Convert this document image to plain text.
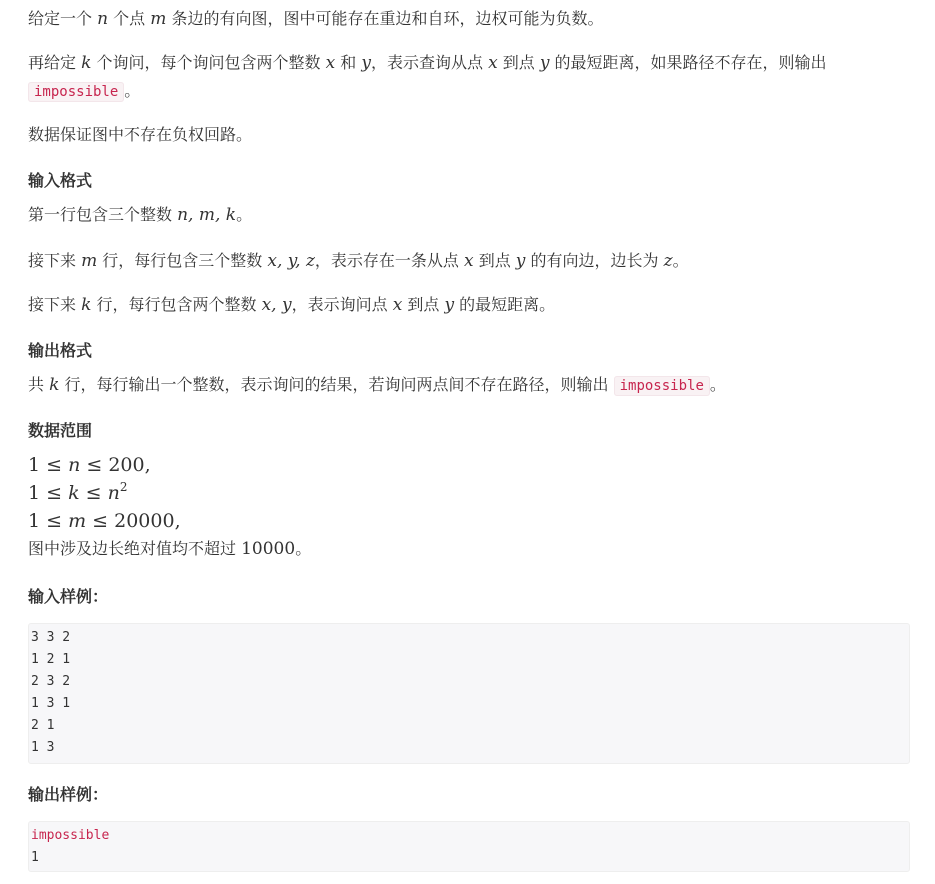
给定一个 n 个点 m 条边的有向图，图中可能存在重边和自环，边权可能为负数。

再给定 k 个询问，每个询问包含两个整数 x 和 y，表示查询从点 x 到点 y 的最短距离，如果路径不存在，则输出 impossible 。

数据保证图中不存在负权回路。

输入格式

第一行包含三个整数 n, m, k。

接下来 m 行，每行包含三个整数 x, y, z，表示存在一条从点 x 到点 y 的有向边，边长为 z。

接下来 k 行，每行包含两个整数 x, y，表示询问点 x 到点 y 的最短距离。

输出格式

共 k 行，每行输出一个整数，表示询问的结果，若询问两点间不存在路径，则输出 impossible 。

数据范围
1 ≤ n ≤ 200,
$1 \le k \le n^2$
1 ≤ m ≤ 20000,
图中涉及边长绝对值均不超过 10000。
输入样例：
3 3 2
1 2 1
2 3 2
1 3 1
2 1
1 3
输出样例：
impossible
1
